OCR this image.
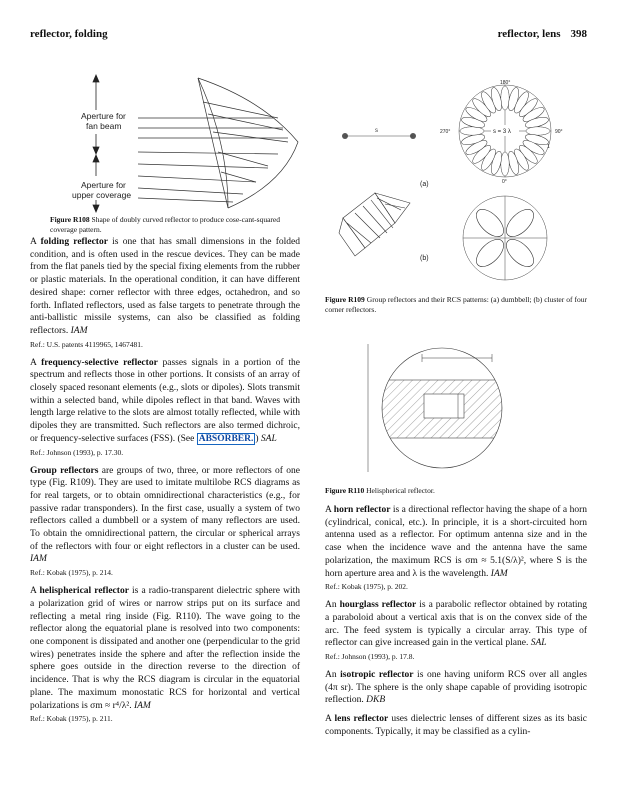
reflector, folding	reflector, lens 398
Aperture for
fan beam
Aperture for
upper coverage
Figure R108 Shape of doubly curved reflector to produce cose-cant-squared coverage pattern.
s	s = 3 λ
180°
0°
270°	90°
1
(a)
(b)
Figure R109 Group reflectors and their RCS patterns: (a) dumbbell; (b) cluster of four corner reflectors.
Figure R110 Helispherical reflector.

A folding reflector is one that has small dimensions in the folded condition, and is often used in the rescue devices. They can be made from the flat panels tied by the special fixing elements from the rubber or plastic materials. In the operational condition, it can have different desired shape: corner reflector with three edges, octahedron, and so forth. Inflated reflectors, used as false targets to penetrate through the anti-ballistic missile systems, can also be classified as folding reflectors. IAM

Ref.: U.S. patents 4119965, 1467481.

A frequency-selective reflector passes signals in a portion of the spectrum and reflects those in other portions. It consists of an array of closely spaced resonant elements (e.g., slots or dipoles). Slots transmit within a selected band, while dipoles reflect in that band. Waves with length large relative to the slots are almost totally reflected, while with dipoles they are transmitted. Such reflectors are also termed dichroic, or frequency-selective surfaces (FSS). (See ABSORBER. ) SAL

Ref.: Johnson (1993), p. 17.30.

Group reflectors are groups of two, three, or more reflectors of one type (Fig. R109). They are used to imitate multilobe RCS diagrams as for real targets, or to obtain omnidirectional characteristics (e.g., for passive radar transponders). In the first case, usually a system of two reflectors called a dumbbell or a system of many reflectors are used. To obtain the omnidirectional pattern, the circular or spherical arrays of the reflectors with four or eight reflectors in a cluster can be used. IAM

Ref.: Kobak (1975), p. 214.

A helispherical reflector is a radio-transparent dielectric sphere with a polarization grid of wires or narrow strips put on its surface and reflecting a metal ring inside (Fig. R110). The wave going to the reflector along the equatorial plane is resolved into two components: one component is dissipated and another one (perpendicular to the grid wires) penetrates inside the sphere and after the reflection inside the sphere goes outside in the direction reverse to the direction of incidence. That is why the RCS diagram is circular in the equatorial plane. The maximum monostatic RCS for horizontal and vertical polarizations is σm ≈ r⁴/λ². IAM

Ref.: Kobak (1975), p. 211.

A horn reflector is a directional reflector having the shape of a horn (cylindrical, conical, etc.). In principle, it is a short-circuited horn antenna used as a reflector. For optimum antenna size and in the case when the incidence wave and the antenna have the same polarization, the maximum RCS is σm ≈ 5.1(S/λ)², where S is the horn aperture area and λ is the wavelength. IAM

Ref.: Kobak (1975), p. 202.

An hourglass reflector is a parabolic reflector obtained by rotating a paraboloid about a vertical axis that is on the convex side of the arc. The feed system is typically a circular array. This type of reflector can give increased gain in the vertical plane. SAL

Ref.: Johnson (1993), p. 17.8.

An isotropic reflector is one having uniform RCS over all angles (4π sr). The sphere is the only shape capable of providing isotropic reflection. DKB

A lens reflector uses dielectric lenses of different sizes as its basic components. Typically, it may be classified as a cylin-
